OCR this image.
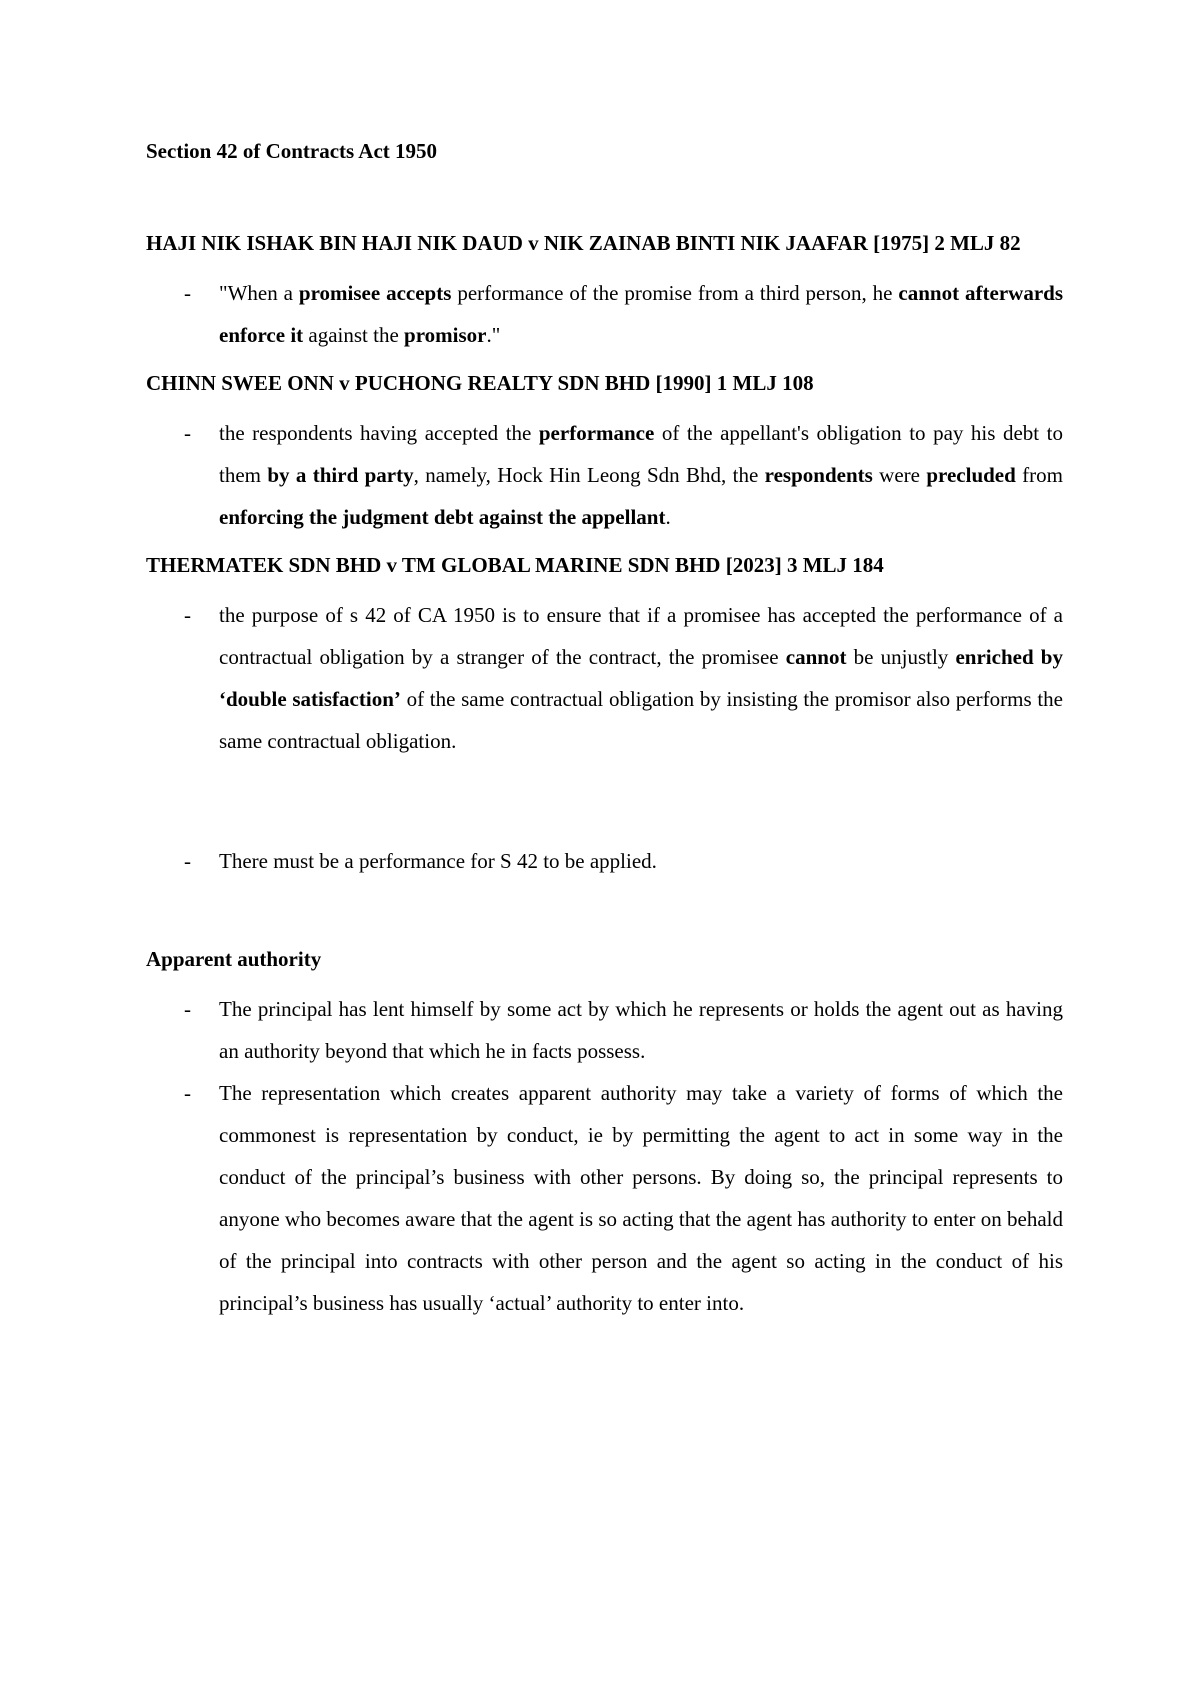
Section 42 of Contracts Act 1950

HAJI NIK ISHAK BIN HAJI NIK DAUD v NIK ZAINAB BINTI NIK JAAFAR [1975] 2 MLJ 82

- "When a promisee accepts performance of the promise from a third person, he cannot afterwards enforce it against the promisor."

CHINN SWEE ONN v PUCHONG REALTY SDN BHD [1990] 1 MLJ 108

- the respondents having accepted the performance of the appellant's obligation to pay his debt to them by a third party, namely, Hock Hin Leong Sdn Bhd, the respondents were precluded from enforcing the judgment debt against the appellant.

THERMATEK SDN BHD v TM GLOBAL MARINE SDN BHD [2023] 3 MLJ 184

- the purpose of s 42 of CA 1950 is to ensure that if a promisee has accepted the performance of a contractual obligation by a stranger of the contract, the promisee cannot be unjustly enriched by ‘double satisfaction’ of the same contractual obligation by insisting the promisor also performs the same contractual obligation.
- There must be a performance for S 42 to be applied.

Apparent authority

- The principal has lent himself by some act by which he represents or holds the agent out as having an authority beyond that which he in facts possess.
- The representation which creates apparent authority may take a variety of forms of which the commonest is representation by conduct, ie by permitting the agent to act in some way in the conduct of the principal’s business with other persons. By doing so, the principal represents to anyone who becomes aware that the agent is so acting that the agent has authority to enter on behald of the principal into contracts with other person and the agent so acting in the conduct of his principal’s business has usually ‘actual’ authority to enter into.
